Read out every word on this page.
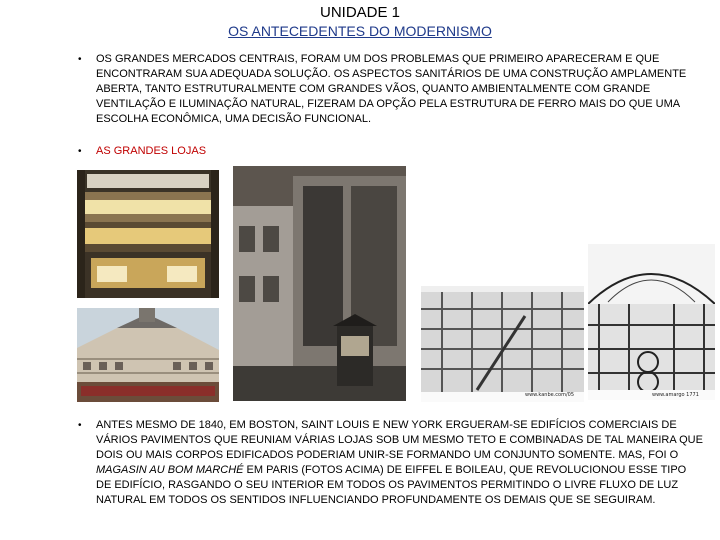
UNIDADE 1
OS ANTECEDENTES DO MODERNISMO
• OS GRANDES MERCADOS CENTRAIS, FORAM UM DOS PROBLEMAS QUE PRIMEIRO APARECERAM E QUE ENCONTRARAM SUA ADEQUADA SOLUÇÃO. OS ASPECTOS SANITÁRIOS DE UMA CONSTRUÇÃO AMPLAMENTE ABERTA, TANTO ESTRUTURALMENTE COM GRANDES VÃOS, QUANTO AMBIENTALMENTE COM GRANDE VENTILAÇÃO E ILUMINAÇÃO NATURAL, FIZERAM DA OPÇÃO PELA ESTRUTURA DE FERRO MAIS DO QUE UMA ESCOLHA ECONÔMICA, UMA DECISÃO FUNCIONAL.
• AS GRANDES LOJAS
www.kanbe.com/05	www.amargo 1771
• ANTES MESMO DE 1840, EM BOSTON, SAINT LOUIS E NEW YORK ERGUERAM-SE EDIFÍCIOS COMERCIAIS DE VÁRIOS PAVIMENTOS QUE REUNIAM VÁRIAS LOJAS SOB UM MESMO TETO E COMBINADAS DE TAL MANEIRA QUE DOIS OU MAIS CORPOS EDIFICADOS PODERIAM UNIR-SE FORMANDO UM CONJUNTO SOMENTE. MAS, FOI O MAGASIN AU BOM MARCHÉ EM PARIS (FOTOS ACIMA) DE EIFFEL E BOILEAU, QUE REVOLUCIONOU ESSE TIPO DE EDIFÍCIO, RASGANDO O SEU INTERIOR EM TODOS OS PAVIMENTOS PERMITINDO O LIVRE FLUXO DE LUZ NATURAL EM TODOS OS SENTIDOS INFLUENCIANDO PROFUNDAMENTE OS DEMAIS QUE SE SEGUIRAM.
